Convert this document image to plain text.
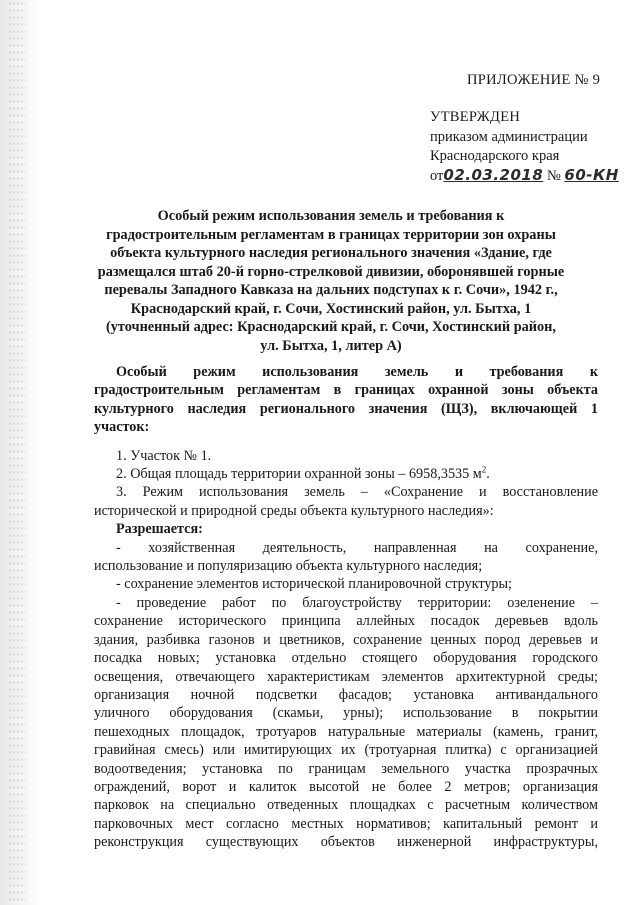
ПРИЛОЖЕНИЕ № 9
УТВЕРЖДЕН
приказом администрации
Краснодарского края
от02.03.2018 № 60-КН
Особый режим использования земель и требования к
градостроительным регламентам в границах территории зон охраны
объекта культурного наследия регионального значения «Здание, где
размещался штаб 20-й горно-стрелковой дивизии, оборонявшей горные
перевалы Западного Кавказа на дальних подступах к г. Сочи», 1942 г.,
Краснодарский край, г. Сочи, Хостинский район, ул. Бытха, 1
(уточненный адрес: Краснодарский край, г. Сочи, Хостинский район,
ул. Бытха, 1, литер А)
Особый режим использования земель и требования к
градостроительным регламентам в границах охранной зоны объекта
культурного наследия регионального значения (ЩЗ), включающей 1
участок:
1. Участок № 1.
2. Общая площадь территории охранной зоны – 6958,3535 $м^2$.
3. Режим использования земель – «Сохранение и восстановление
исторической и природной среды объекта культурного наследия»:
Разрешается:
- хозяйственная деятельность, направленная на сохранение,
использование и популяризацию объекта культурного наследия;
- сохранение элементов исторической планировочной структуры;
- проведение работ по благоустройству территории: озеленение –
сохранение исторического принципа аллейных посадок деревьев вдоль
здания, разбивка газонов и цветников, сохранение ценных пород деревьев и
посадка новых; установка отдельно стоящего оборудования городского
освещения, отвечающего характеристикам элементов архитектурной среды;
организация ночной подсветки фасадов; установка антивандального
уличного оборудования (скамьи, урны); использование в покрытии
пешеходных площадок, тротуаров натуральные материалы (камень, гранит,
гравийная смесь) или имитирующих их (тротуарная плитка) с организацией
водоотведения; установка по границам земельного участка прозрачных
ограждений, ворот и калиток высотой не более 2 метров; организация
парковок на специально отведенных площадках с расчетным количеством
парковочных мест согласно местных нормативов; капитальный ремонт и
реконструкция существующих объектов инженерной инфраструктуры,
